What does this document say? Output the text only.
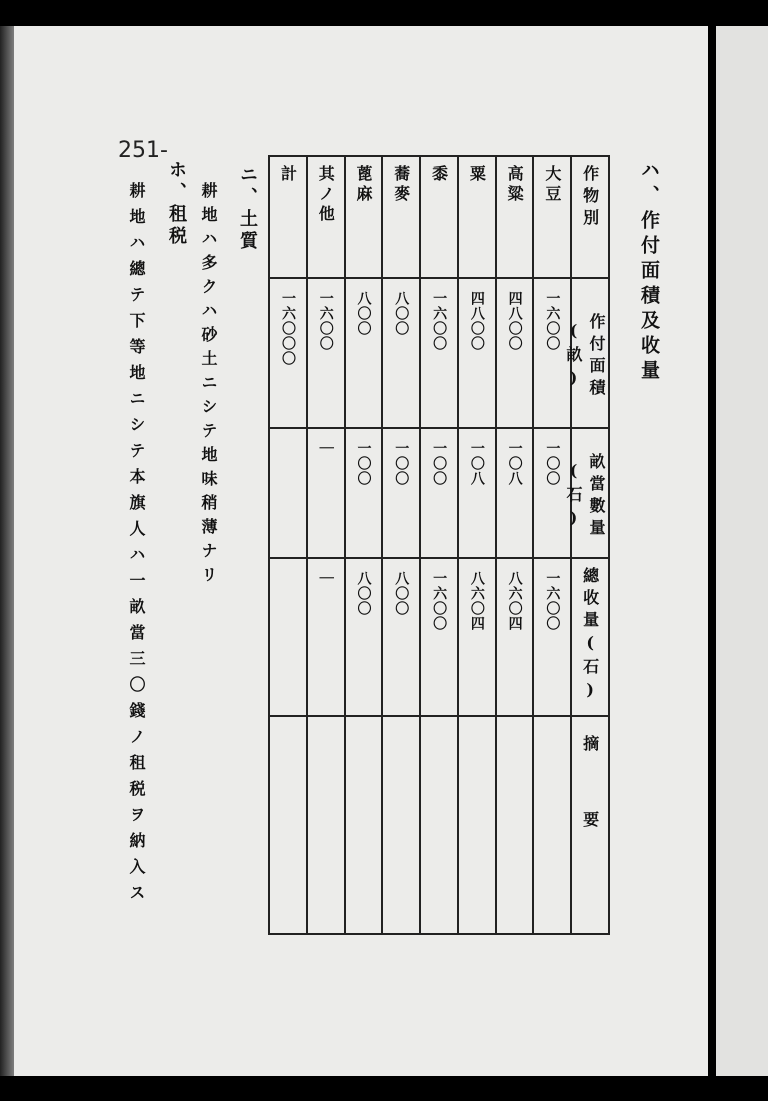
251-
ハ、作付面積及收量
作物別	大豆	高粱	粟	黍	蕎麥	蓖麻	其ノ他	計

作付面積(畝)	一六〇〇	四八〇〇	四八〇〇	一六〇〇	八〇〇	八〇〇	一六〇〇	一六〇〇〇

畝當數量(石)	一〇〇	一〇八	一〇八	一〇〇	一〇〇	一〇〇	｜	

總收量(石)	一六〇〇	八六〇四	八六〇四	一六〇〇	八〇〇	八〇〇	｜	

摘要								

ニ、土質
耕地ハ多クハ砂土ニシテ地味稍薄ナリ
ホ、租税
耕地ハ總テ下等地ニシテ本旗人ハ一畝當三〇錢ノ租税ヲ納入ス
